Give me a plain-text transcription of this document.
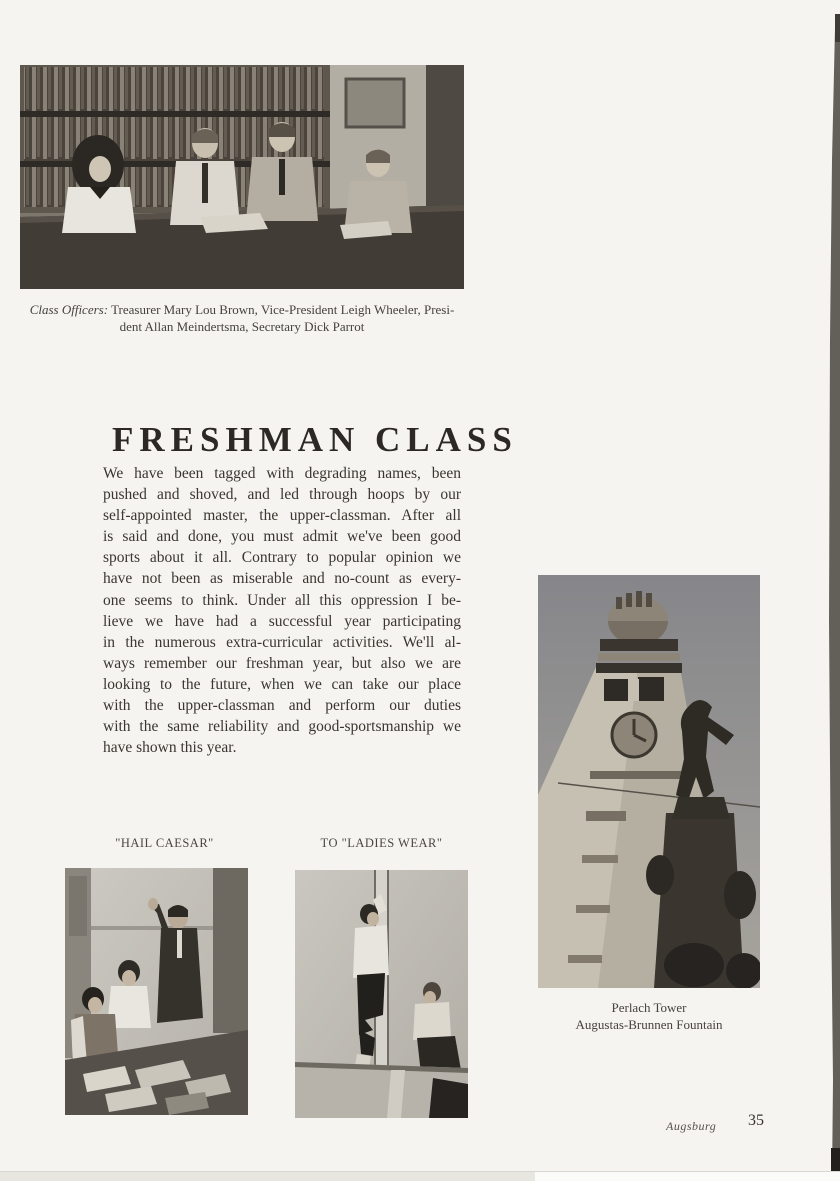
Class Officers: Treasurer Mary Lou Brown, Vice-President Leigh Wheeler, Presi-
dent Allan Meindertsma, Secretary Dick Parrot
FRESHMAN CLASS
We have been tagged with degrading names, been
pushed and shoved, and led through hoops by our
self-appointed master, the upper-classman. After all
is said and done, you must admit we've been good
sports about it all. Contrary to popular opinion we
have not been as miserable and no-count as every-
one seems to think. Under all this oppression I be-
lieve we have had a successful year participating
in the numerous extra-curricular activities. We'll al-
ways remember our freshman year, but also we are
looking to the future, when we can take our place
with the upper-classman and perform our duties
with the same reliability and good-sportsmanship we
have shown this year.
"HAIL CAESAR"	TO "LADIES WEAR"
Perlach Tower
Augustas-Brunnen Fountain
Augsburg 35
